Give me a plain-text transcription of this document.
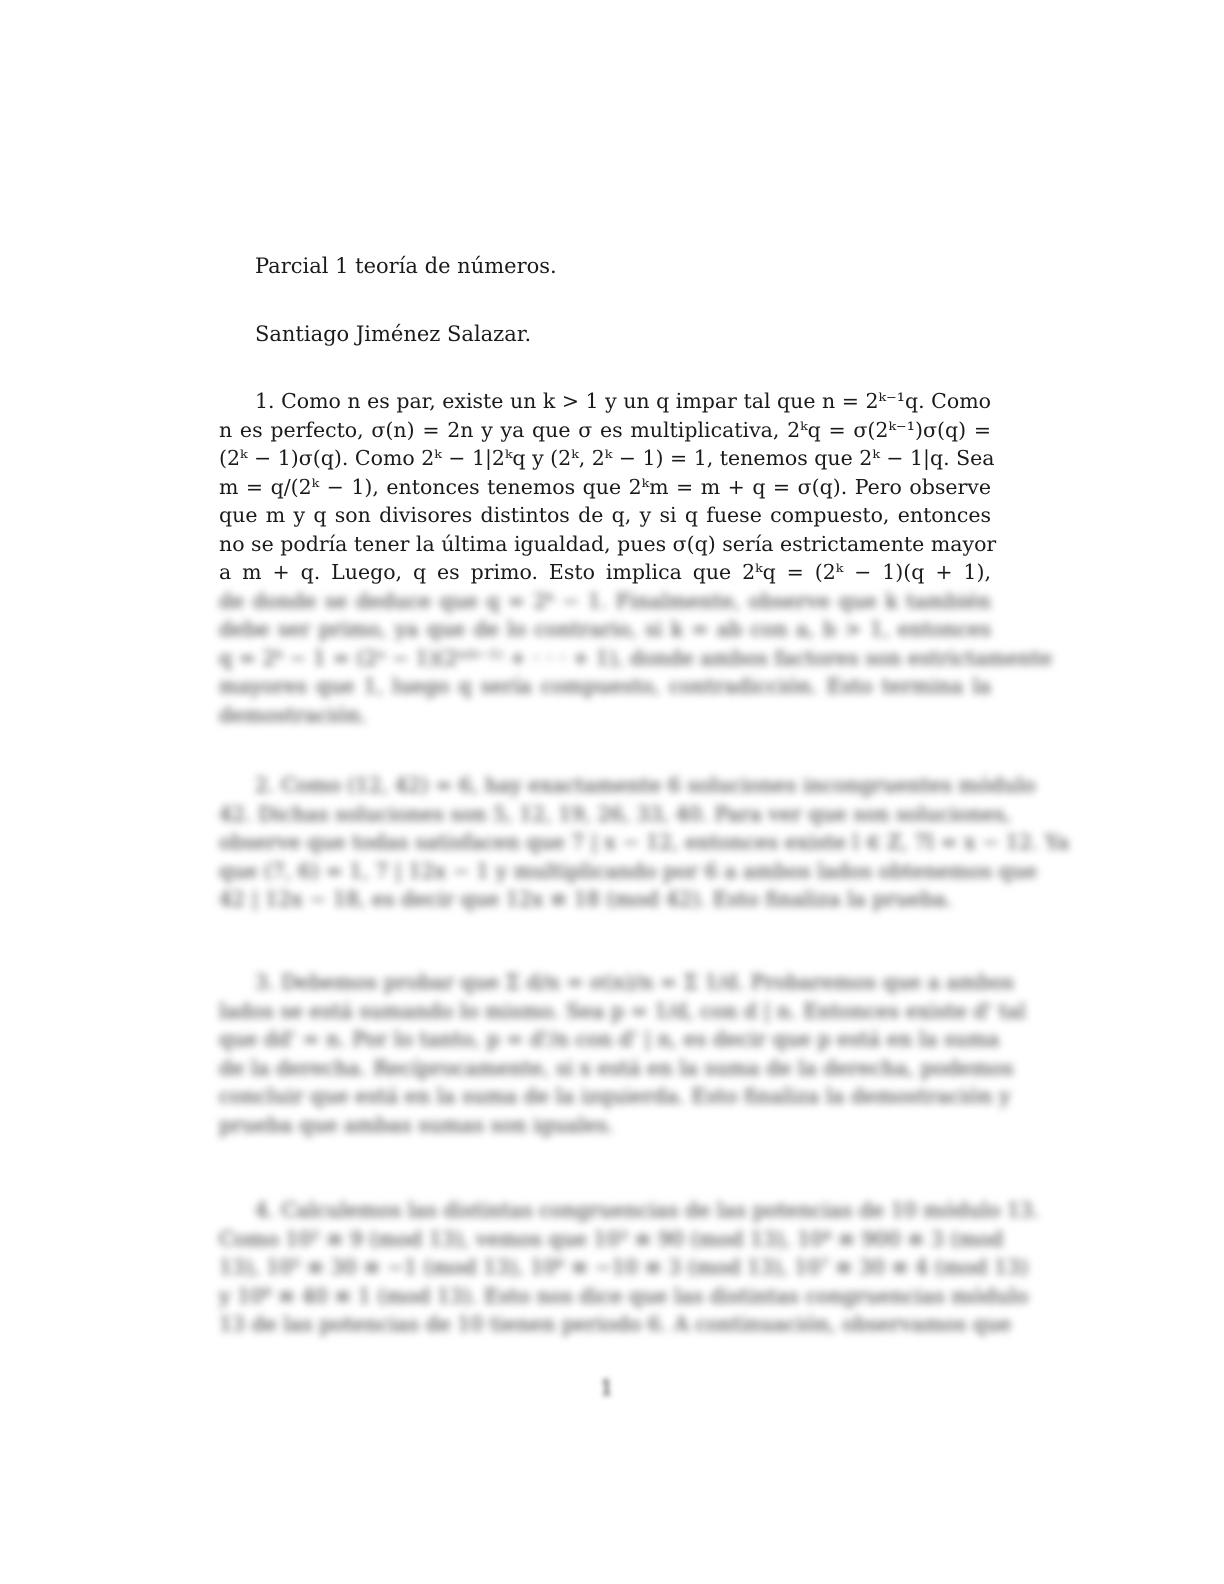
Parcial 1 teoría de números.
Santiago Jiménez Salazar.
1. Como n es par, existe un k > 1 y un q impar tal que n = 2ᵏ⁻¹q. Como
n es perfecto, σ(n) = 2n y ya que σ es multiplicativa, 2ᵏq = σ(2ᵏ⁻¹)σ(q) =
(2ᵏ − 1)σ(q). Como 2ᵏ − 1|2ᵏq y (2ᵏ, 2ᵏ − 1) = 1, tenemos que 2ᵏ − 1|q. Sea
m = q/(2ᵏ − 1), entonces tenemos que 2ᵏm = m + q = σ(q). Pero observe
que m y q son divisores distintos de q, y si q fuese compuesto, entonces
no se podría tener la última igualdad, pues σ(q) sería estrictamente mayor
a m + q. Luego, q es primo. Esto implica que 2ᵏq = (2ᵏ − 1)(q + 1),
de donde se deduce que q = 2ᵏ − 1. Finalmente, observe que k también
debe ser primo, ya que de lo contrario, si k = ab con a, b > 1, entonces
q = 2ᵏ − 1 = (2ᵃ − 1)(2ᵃ⁽ᵇ⁻¹⁾ + · · · + 1), donde ambos factores son estrictamente
mayores que 1, luego q sería compuesto, contradicción. Esto termina la
demostración.
2. Como (12, 42) = 6, hay exactamente 6 soluciones incongruentes módulo
42. Dichas soluciones son 5, 12, 19, 26, 33, 40. Para ver que son soluciones,
observe que todas satisfacen que 7 | x − 12, entonces existe l ∈ Z, 7l = x − 12. Ya
que (7, 6) = 1, 7 | 12x − 1 y multiplicando por 6 a ambos lados obtenemos que
42 | 12x − 18, es decir que 12x ≡ 18 (mod 42). Esto finaliza la prueba.
3. Debemos probar que Σ d/n = σ(n)/n = Σ 1/d. Probaremos que a ambos
lados se está sumando lo mismo. Sea p = 1/d, con d | n. Entonces existe d' tal
que dd' = n. Por lo tanto, p = d'/n con d' | n, es decir que p está en la suma
de la derecha. Recíprocamente, si x está en la suma de la derecha, podemos
concluir que está en la suma de la izquierda. Esto finaliza la demostración y
prueba que ambas sumas son iguales.
4. Calculemos las distintas congruencias de las potencias de 10 módulo 13.
Como 10² ≡ 9 (mod 13), vemos que 10³ ≡ 90 (mod 13), 10⁴ ≡ 900 ≡ 3 (mod
13), 10⁵ ≡ 30 ≡ −1 (mod 13), 10⁶ ≡ −10 ≡ 3 (mod 13), 10⁷ ≡ 30 ≡ 4 (mod 13)
y 10⁸ ≡ 40 ≡ 1 (mod 13). Esto nos dice que las distintas congruencias módulo
13 de las potencias de 10 tienen periodo 6. A continuación, observamos que
1
